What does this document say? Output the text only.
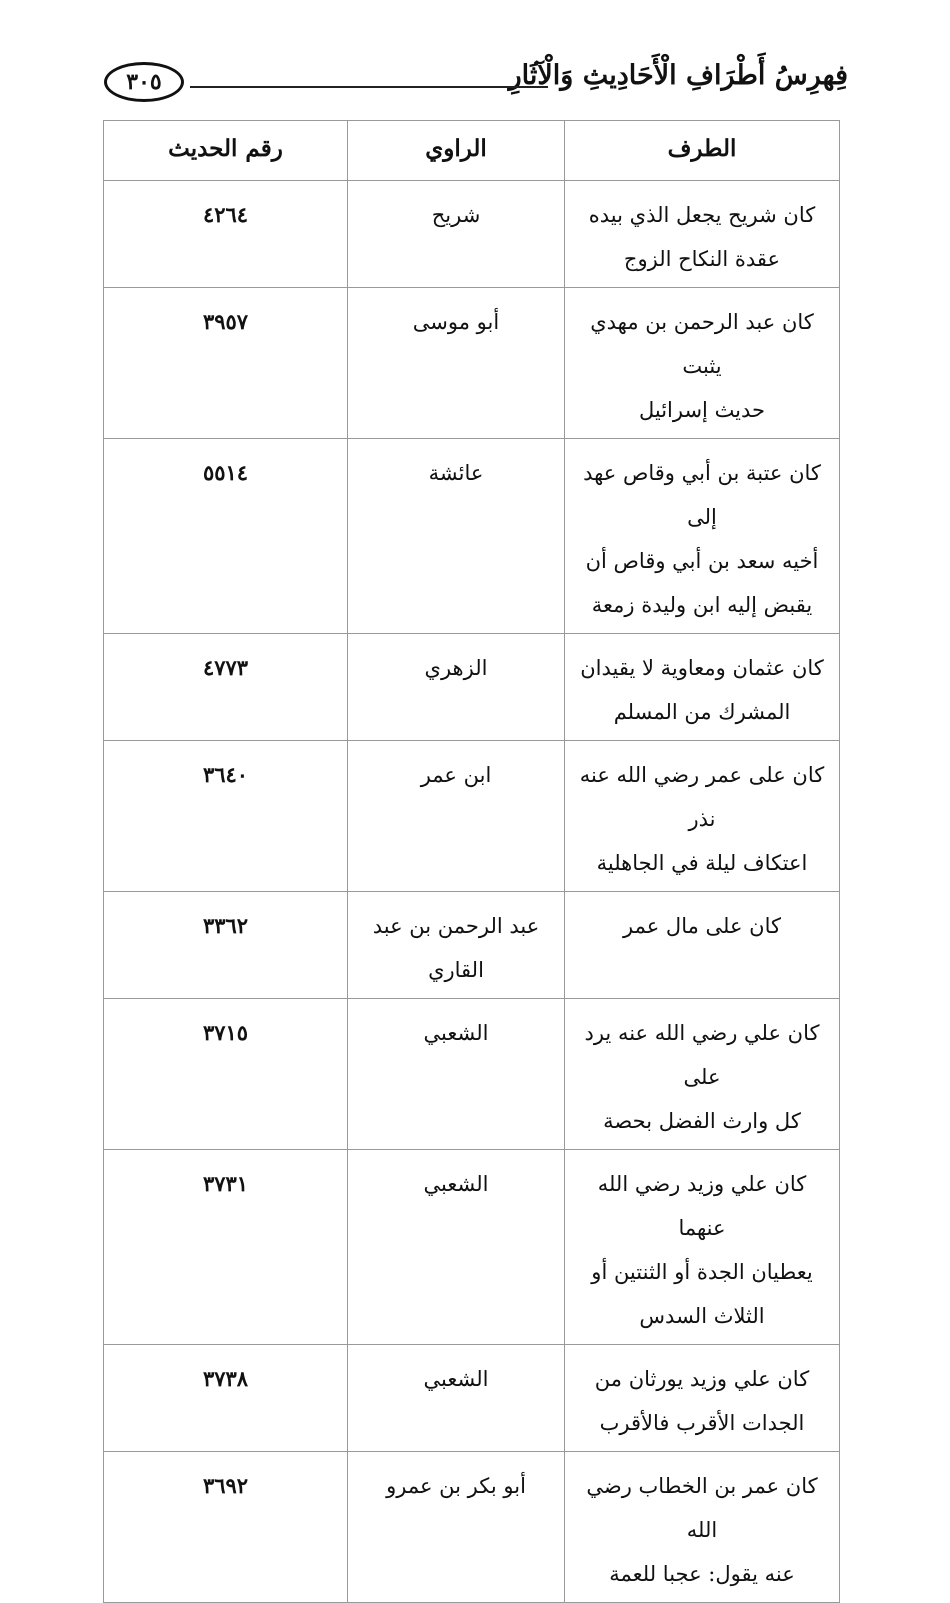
فِهرِسُ أَطْرَافِ الْأَحَادِيثِ وَالْآثَارِ
٣٠٥
الطرف	الراوي	رقم الحديث

كان شريح يجعل الذي بيده
عقدة النكاح الزوج	شريح	٤٢٦٤

كان عبد الرحمن بن مهدي يثبت
حديث إسرائيل	أبو موسى	٣٩٥٧

كان عتبة بن أبي وقاص عهد إلى
أخيه سعد بن أبي وقاص أن
يقبض إليه ابن وليدة زمعة	عائشة	٥٥١٤

كان عثمان ومعاوية لا يقيدان
المشرك من المسلم	الزهري	٤٧٧٣

كان على عمر رضي الله عنه نذر
اعتكاف ليلة في الجاهلية	ابن عمر	٣٦٤٠

كان على مال عمر	عبد الرحمن بن عبد
القاري	٣٣٦٢

كان علي رضي الله عنه يرد على
كل وارث الفضل بحصة	الشعبي	٣٧١٥

كان علي وزيد رضي الله عنهما
يعطيان الجدة أو الثنتين أو
الثلاث السدس	الشعبي	٣٧٣١

كان علي وزيد يورثان من
الجدات الأقرب فالأقرب	الشعبي	٣٧٣٨

كان عمر بن الخطاب رضي الله
عنه يقول: عجبا للعمة	أبو بكر بن عمرو	٣٦٩٢
